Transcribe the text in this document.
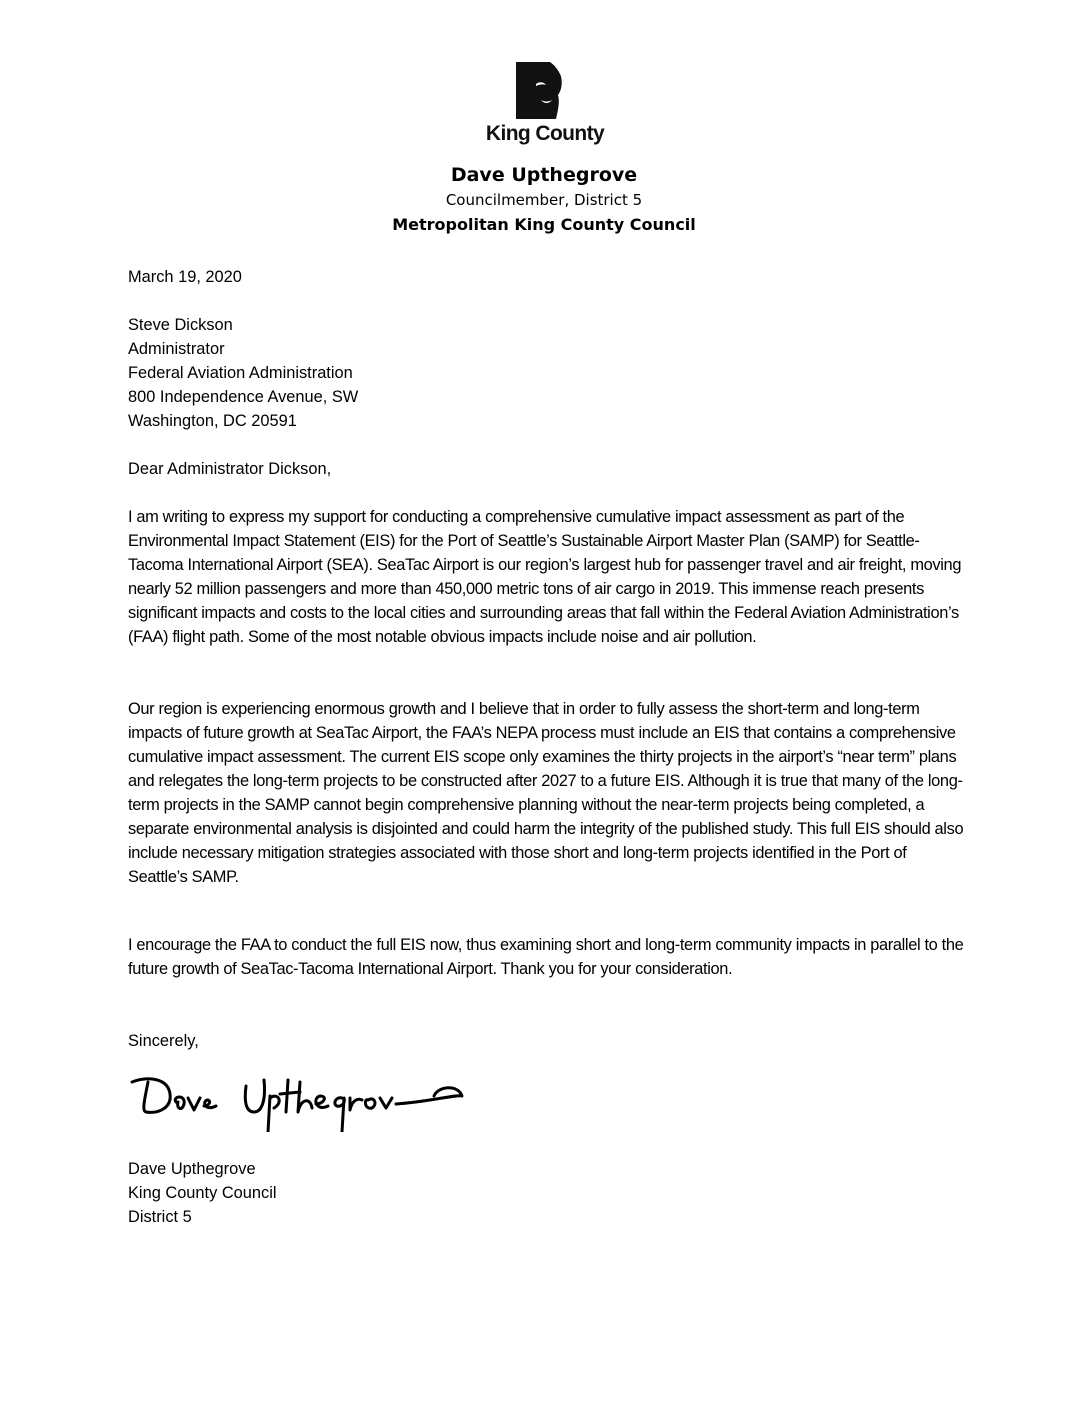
King County
Dave Upthegrove
Councilmember, District 5
Metropolitan King County Council
March 19, 2020
Steve Dickson
Administrator
Federal Aviation Administration
800 Independence Avenue, SW
Washington, DC 20591
Dear Administrator Dickson,
I am writing to express my support for conducting a comprehensive cumulative impact assessment as part of the Environmental Impact Statement (EIS) for the Port of Seattle’s Sustainable Airport Master Plan (SAMP) for Seattle-Tacoma International Airport (SEA). SeaTac Airport is our region’s largest hub for passenger travel and air freight, moving nearly 52 million passengers and more than 450,000 metric tons of air cargo in 2019. This immense reach presents significant impacts and costs to the local cities and surrounding areas that fall within the Federal Aviation Administration’s (FAA) flight path. Some of the most notable obvious impacts include noise and air pollution.
Our region is experiencing enormous growth and I believe that in order to fully assess the short-term and long-term impacts of future growth at SeaTac Airport, the FAA’s NEPA process must include an EIS that contains a comprehensive cumulative impact assessment. The current EIS scope only examines the thirty projects in the airport’s “near term” plans and relegates the long-term projects to be constructed after 2027 to a future EIS. Although it is true that many of the long-term projects in the SAMP cannot begin comprehensive planning without the near-term projects being completed, a separate environmental analysis is disjointed and could harm the integrity of the published study. This full EIS should also include necessary mitigation strategies associated with those short and long-term projects identified in the Port of Seattle’s SAMP.
I encourage the FAA to conduct the full EIS now, thus examining short and long-term community impacts in parallel to the future growth of SeaTac-Tacoma International Airport. Thank you for your consideration.
Sincerely,
Dave Upthegrove
King County Council
District 5
